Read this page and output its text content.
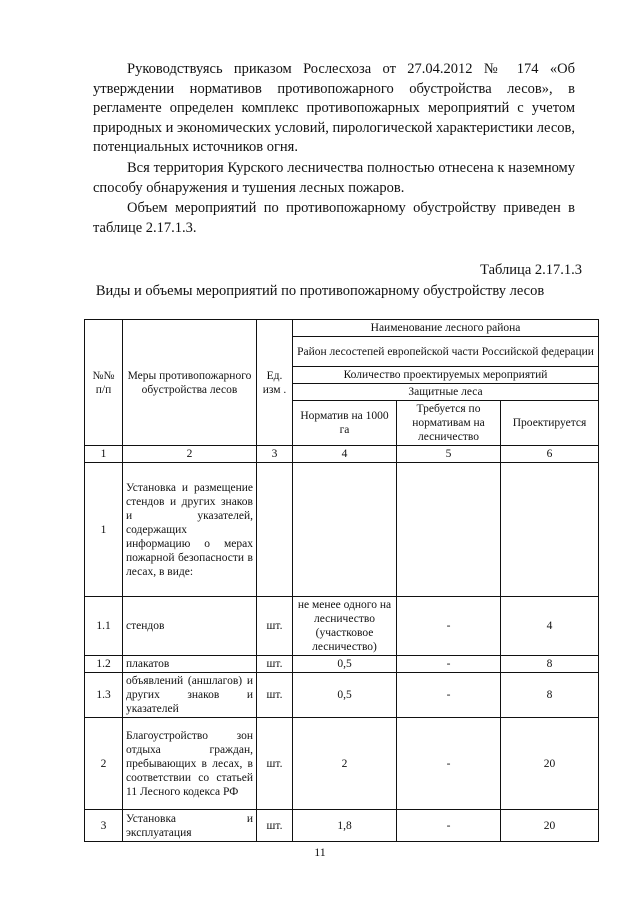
Руководствуясь приказом Рослесхоза от 27.04.2012 № 174 «Об утверждении нормативов противопожарного обустройства лесов», в регламенте определен комплекс противопожарных мероприятий с учетом природных и экономических условий, пирологической характеристики лесов, потенциальных источников огня.

Вся территория Курского лесничества полностью отнесена к наземному способу обнаружения и тушения лесных пожаров.

Объем мероприятий по противопожарному обустройству приведен в таблице 2.17.1.3.

Таблица 2.17.1.3
Виды и объемы мероприятий по противопожарному обустройству лесов
№№ п/п	Меры противопожарного обустройства лесов	Ед. изм .	Наименование лесного района		
			Район лесостепей европейской части Российской федерации		
			Количество проектируемых мероприятий		
			Защитные леса		
			Норматив на 1000 га	Требуется по нормативам на лесничество	Проектируется

1	2	3	4	5	6
1	Установка и размещение стендов и других знаков и указателей, содержащих информацию о мерах пожарной безопасности в лесах, в виде:				
1.1	стендов	шт.	не менее одного на лесничество (участковое лесничество)	-	4
1.2	плакатов	шт.	0,5	-	8
1.3	объявлений (аншлагов) и других знаков и указателей	шт.	0,5	-	8
2	Благоустройство зон отдыха граждан, пребывающих в лесах, в соответствии со статьей 11 Лесного кодекса РФ	шт.	2	-	20
3	Установка и эксплуатация	шт.	1,8	-	20
11
